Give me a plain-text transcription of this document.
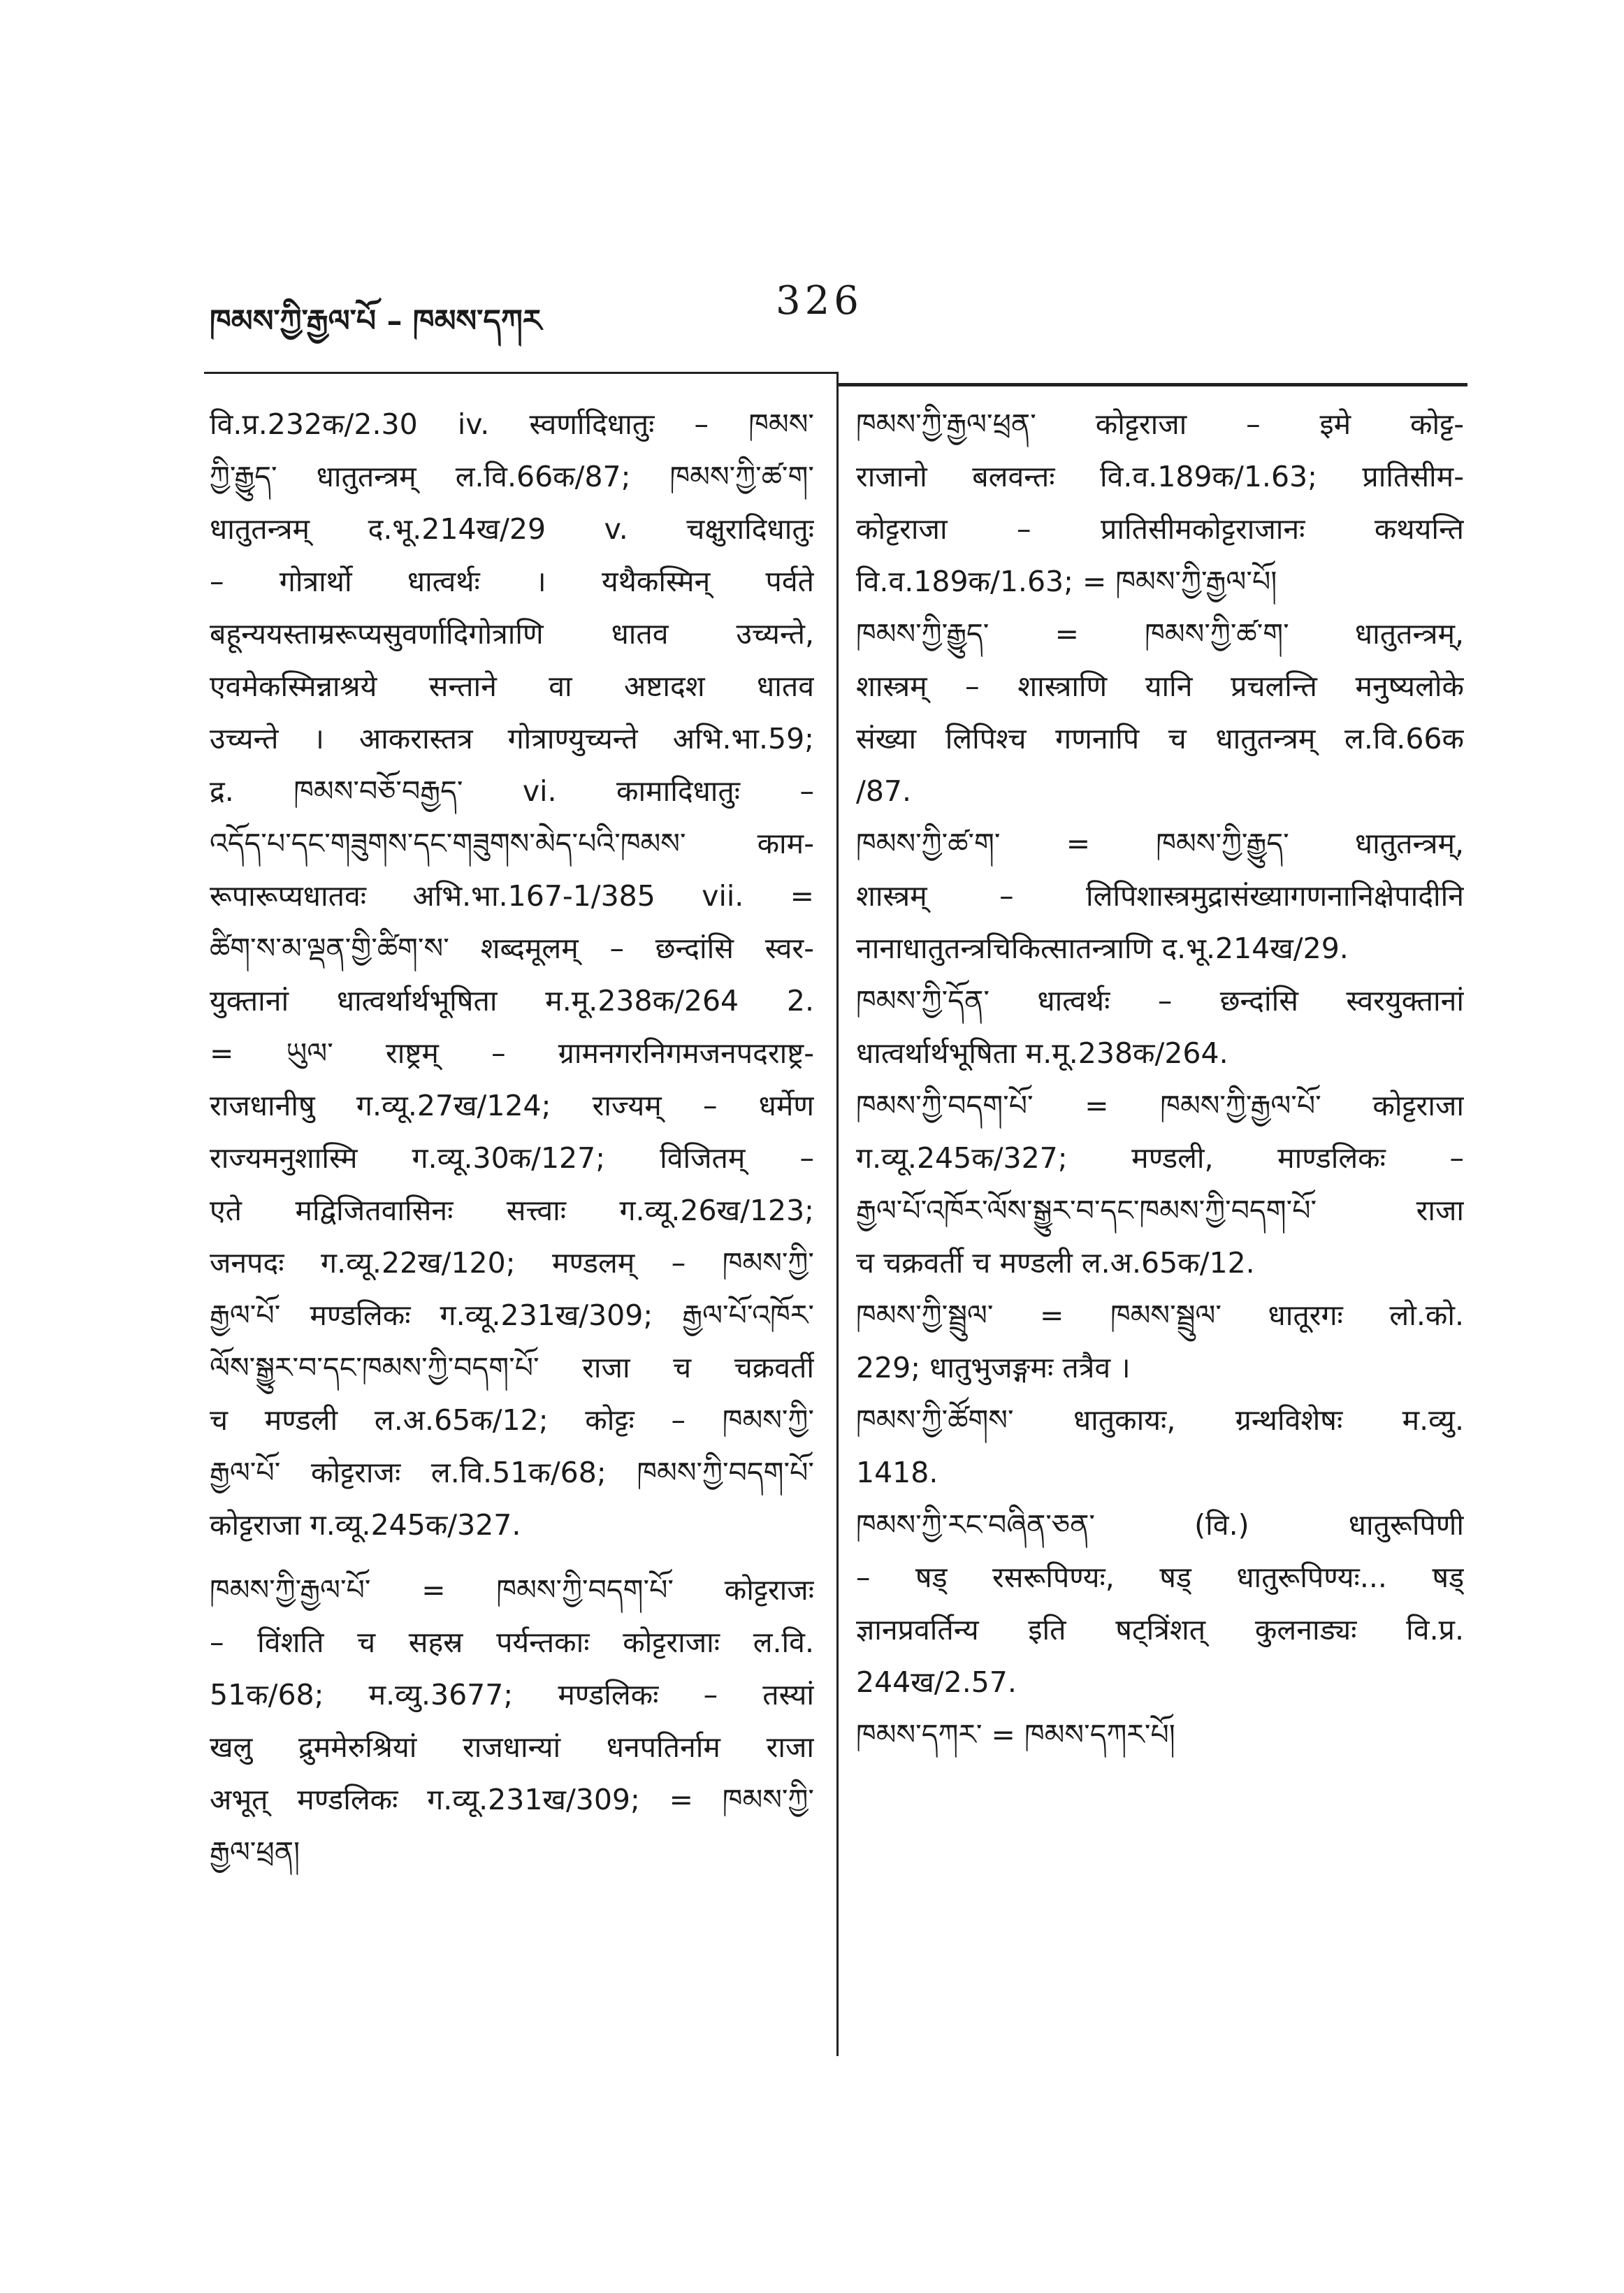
ཁམས་ཀྱི་རྒྱལ་པོ – ཁམས་དཀར	326
वि.प्र.232क/2.30 iv. स्वर्णादिधातुः – ཁམས་
ཀྱི་རྒྱུད་ धातुतन्त्रम् ल.वि.66क/87; ཁམས་ཀྱི་ཚ་ག་
धातुतन्त्रम् द.भू.214ख/29 v. चक्षुरादिधातुः
– गोत्रार्थो धात्वर्थः । यथैकस्मिन् पर्वते
बहून्ययस्ताम्ररूप्यसुवर्णादिगोत्राणि धातव उच्यन्ते,
एवमेकस्मिन्नाश्रये सन्ताने वा अष्टादश धातव
उच्यन्ते । आकरास्तत्र गोत्राण्युच्यन्ते अभि.भा.59;
द्र. ཁམས་བཅོ་བརྒྱད་ vi. कामादिधातुः –
འདོད་པ་དང་གཟུགས་དང་གཟུགས་མེད་པའི་ཁམས་ काम-
रूपारूप्यधातवः अभि.भा.167-1/385 vii. =
ཚིག་ས་མ་ལྡན་གྱི་ཚིག་ས་ शब्दमूलम् – छन्दांसि स्वर-
युक्तानां धात्वर्थार्थभूषिता म.मू.238क/264 2.
= ཡུལ་ राष्ट्रम् – ग्रामनगरनिगमजनपदराष्ट्र-
राजधानीषु ग.व्यू.27ख/124; राज्यम् – धर्मेण
राज्यमनुशास्मि ग.व्यू.30क/127; विजितम् –
एते मद्विजितवासिनः सत्त्वाः ग.व्यू.26ख/123;
जनपदः ग.व्यू.22ख/120; मण्डलम् – ཁམས་ཀྱི་
རྒྱལ་པོ་ मण्डलिकः ग.व्यू.231ख/309; རྒྱལ་པོ་འཁོར་
ལོས་སྒྱུར་བ་དང་ཁམས་ཀྱི་བདག་པོ་ राजा च चक्रवर्ती
च मण्डली ल.अ.65क/12; कोट्टः – ཁམས་ཀྱི་
རྒྱལ་པོ་ कोट्टराजः ल.वि.51क/68; ཁམས་ཀྱི་བདག་པོ་
कोट्टराजा ग.व्यू.245क/327.
ཁམས་ཀྱི་རྒྱལ་པོ་ = ཁམས་ཀྱི་བདག་པོ་ कोट्टराजः
– विंशति च सहस्र पर्यन्तकाः कोट्टराजाः ल.वि.
51क/68; म.व्यु.3677; मण्डलिकः – तस्यां
खलु द्रुममेरुश्रियां राजधान्यां धनपतिर्नाम राजा
अभूत् मण्डलिकः ग.व्यू.231ख/309; = ཁམས་ཀྱི་
རྒྱལ་ཕྲན།
ཁམས་ཀྱི་རྒྱལ་ཕྲན་ कोट्टराजा – इमे कोट्ट-
राजानो बलवन्तः वि.व.189क/1.63; प्रातिसीम-
कोट्टराजा – प्रातिसीमकोट्टराजानः कथयन्ति
वि.व.189क/1.63; = ཁམས་ཀྱི་རྒྱལ་པོ།
ཁམས་ཀྱི་རྒྱུད་ = ཁམས་ཀྱི་ཚ་ག་ धातुतन्त्रम्,
शास्त्रम् – शास्त्राणि यानि प्रचलन्ति मनुष्यलोके
संख्या लिपिश्च गणनापि च धातुतन्त्रम् ल.वि.66क
/87.
ཁམས་ཀྱི་ཚ་ག་ = ཁམས་ཀྱི་རྒྱུད་ धातुतन्त्रम्,
शास्त्रम् – लिपिशास्त्रमुद्रासंख्यागणनानिक्षेपादीनि
नानाधातुतन्त्रचिकित्सातन्त्राणि द.भू.214ख/29.
ཁམས་ཀྱི་དོན་ धात्वर्थः – छन्दांसि स्वरयुक्तानां
धात्वर्थार्थभूषिता म.मू.238क/264.
ཁམས་ཀྱི་བདག་པོ་ = ཁམས་ཀྱི་རྒྱལ་པོ་ कोट्टराजा
ग.व्यू.245क/327; मण्डली, माण्डलिकः –
རྒྱལ་པོ་འཁོར་ལོས་སྒྱུར་བ་དང་ཁམས་ཀྱི་བདག་པོ་ राजा
च चक्रवर्ती च मण्डली ल.अ.65क/12.
ཁམས་ཀྱི་སྦྲུལ་ = ཁམས་སྦྲུལ་ धातूरगः लो.को.
229; धातुभुजङ्गमः तत्रैव ।
ཁམས་ཀྱི་ཚོགས་ धातुकायः, ग्रन्थविशेषः म.व्यु.
1418.
ཁམས་ཀྱི་རང་བཞིན་ཅན་ (वि.) धातुरूपिणी
– षड् रसरूपिण्यः, षड् धातुरूपिण्यः... षड्
ज्ञानप्रवर्तिन्य इति षट्त्रिंशत् कुलनाड्यः वि.प्र.
244ख/2.57.
ཁམས་དཀར་ = ཁམས་དཀར་པོ།
